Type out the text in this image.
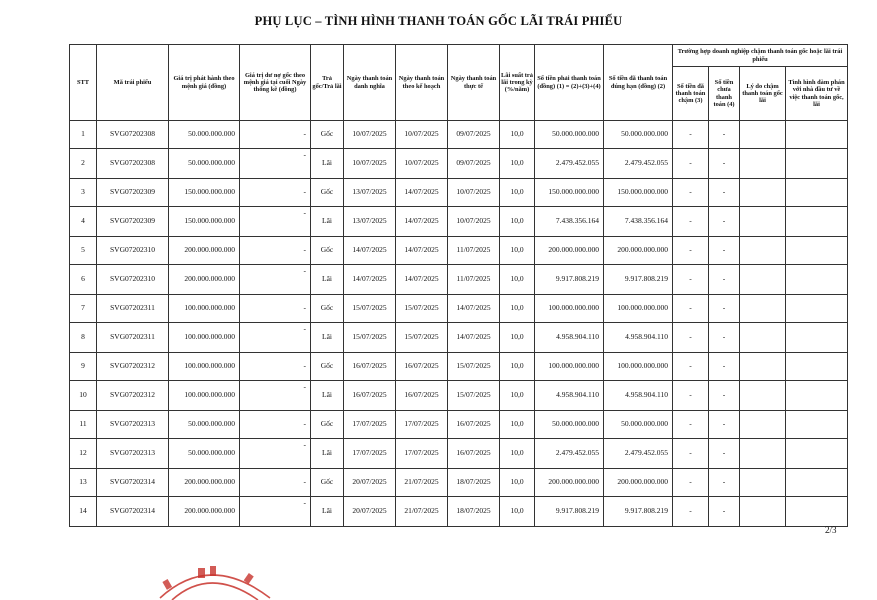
PHỤ LỤC – TÌNH HÌNH THANH TOÁN GỐC LÃI TRÁI PHIẾU
STT	Mã trái phiếu	Giá trị phát hành theo mệnh giá (đồng)	Giá trị dư nợ gốc theo mệnh giá tại cuối Ngày thống kê (đồng)	Trả gốc/Trả lãi	Ngày thanh toán danh nghĩa	Ngày thanh toán theo kế hoạch	Ngày thanh toán thực tế	Lãi suất trả lãi trong kỳ (%/năm)	Số tiền phải thanh toán (đồng) (1) = (2)+(3)+(4)	Số tiền đã thanh toán đúng hạn (đồng) (2)	Trường hợp doanh nghiệp chậm thanh toán gốc hoặc lãi trái phiếu			
											Số tiền đã thanh toán chậm (3)	Số tiền chưa thanh toán (4)	Lý do chậm thanh toán gốc lãi	Tình hình đàm phán với nhà đầu tư về việc thanh toán gốc, lãi
1	SVG07202308	50.000.000.000	-	Gốc	10/07/2025	10/07/2025	09/07/2025	10,0	50.000.000.000	50.000.000.000	-	-		
2	SVG07202308	50.000.000.000	-	Lãi	10/07/2025	10/07/2025	09/07/2025	10,0	2.479.452.055	2.479.452.055	-	-		
3	SVG07202309	150.000.000.000	-	Gốc	13/07/2025	14/07/2025	10/07/2025	10,0	150.000.000.000	150.000.000.000	-	-		
4	SVG07202309	150.000.000.000	-	Lãi	13/07/2025	14/07/2025	10/07/2025	10,0	7.438.356.164	7.438.356.164	-	-		
5	SVG07202310	200.000.000.000	-	Gốc	14/07/2025	14/07/2025	11/07/2025	10,0	200.000.000.000	200.000.000.000	-	-		
6	SVG07202310	200.000.000.000	-	Lãi	14/07/2025	14/07/2025	11/07/2025	10,0	9.917.808.219	9.917.808.219	-	-		
7	SVG07202311	100.000.000.000	-	Gốc	15/07/2025	15/07/2025	14/07/2025	10,0	100.000.000.000	100.000.000.000	-	-		
8	SVG07202311	100.000.000.000	-	Lãi	15/07/2025	15/07/2025	14/07/2025	10,0	4.958.904.110	4.958.904.110	-	-		
9	SVG07202312	100.000.000.000	-	Gốc	16/07/2025	16/07/2025	15/07/2025	10,0	100.000.000.000	100.000.000.000	-	-		
10	SVG07202312	100.000.000.000	-	Lãi	16/07/2025	16/07/2025	15/07/2025	10,0	4.958.904.110	4.958.904.110	-	-		
11	SVG07202313	50.000.000.000	-	Gốc	17/07/2025	17/07/2025	16/07/2025	10,0	50.000.000.000	50.000.000.000	-	-		
12	SVG07202313	50.000.000.000	-	Lãi	17/07/2025	17/07/2025	16/07/2025	10,0	2.479.452.055	2.479.452.055	-	-		
13	SVG07202314	200.000.000.000	-	Gốc	20/07/2025	21/07/2025	18/07/2025	10,0	200.000.000.000	200.000.000.000	-	-		
14	SVG07202314	200.000.000.000	-	Lãi	20/07/2025	21/07/2025	18/07/2025	10,0	9.917.808.219	9.917.808.219	-	-		
2/3
